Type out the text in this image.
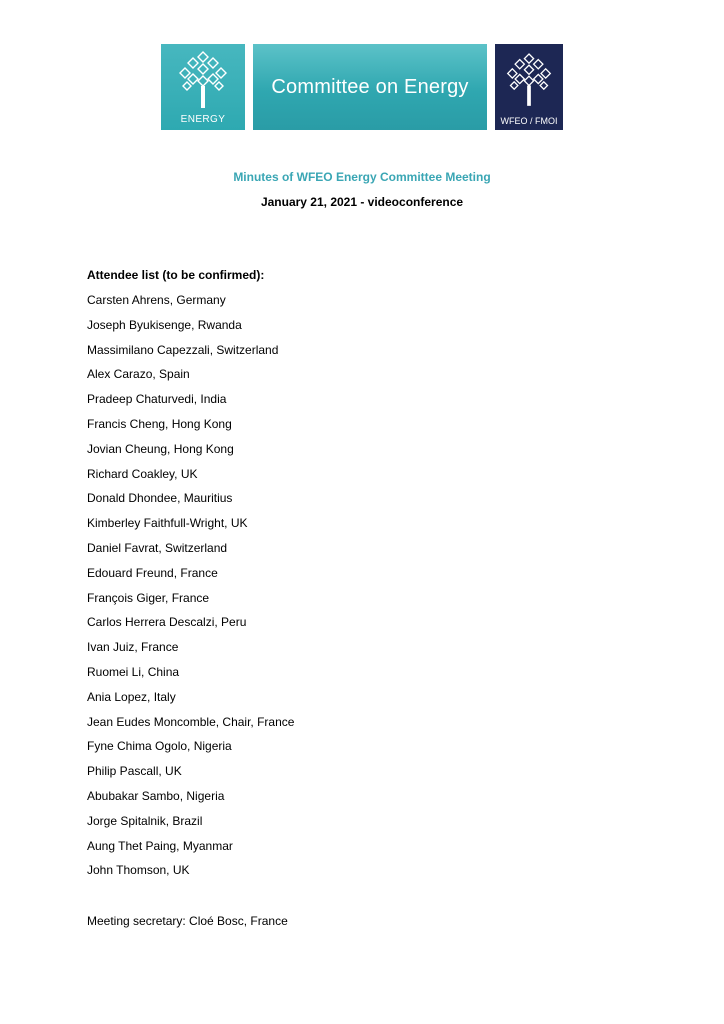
ENERGY
Committee on Energy
WFEO / FMOI
Minutes of WFEO Energy Committee Meeting
January 21, 2021 - videoconference
Attendee list (to be confirmed):
Carsten Ahrens, Germany
Joseph Byukisenge, Rwanda
Massimilano Capezzali, Switzerland
Alex Carazo, Spain
Pradeep Chaturvedi, India
Francis Cheng, Hong Kong
Jovian Cheung, Hong Kong
Richard Coakley, UK
Donald Dhondee, Mauritius
Kimberley Faithfull-Wright, UK
Daniel Favrat, Switzerland
Edouard Freund, France
François Giger, France
Carlos Herrera Descalzi, Peru
Ivan Juiz, France
Ruomei Li, China
Ania Lopez, Italy
Jean Eudes Moncomble, Chair, France
Fyne Chima Ogolo, Nigeria
Philip Pascall, UK
Abubakar Sambo, Nigeria
Jorge Spitalnik, Brazil
Aung Thet Paing, Myanmar
John Thomson, UK
Meeting secretary: Cloé Bosc, France
